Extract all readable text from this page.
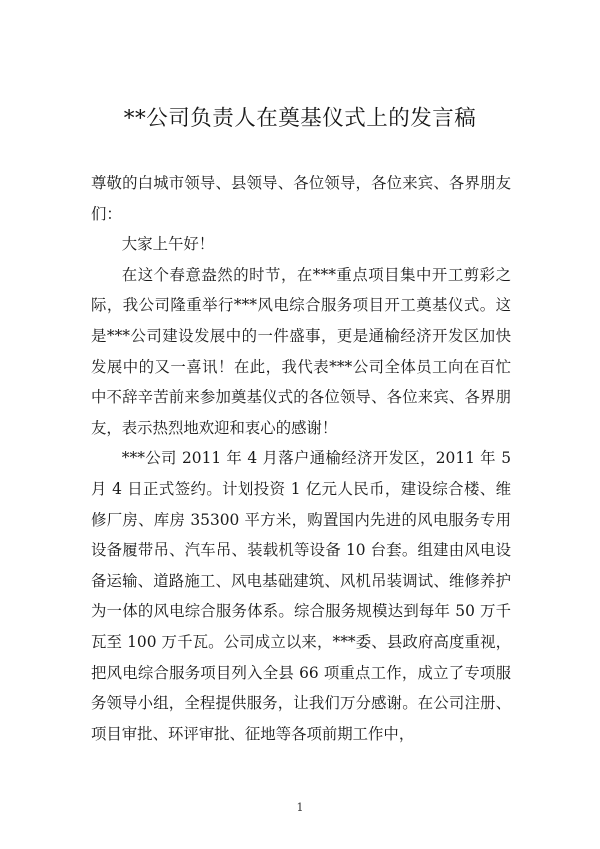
**公司负责人在奠基仪式上的发言稿

尊敬的白城市领导、县领导、各位领导，各位来宾、各界朋友们：

大家上午好！

在这个春意盎然的时节，在***重点项目集中开工剪彩之际，我公司隆重举行***风电综合服务项目开工奠基仪式。这是***公司建设发展中的一件盛事，更是通榆经济开发区加快发展中的又一喜讯！在此，我代表***公司全体员工向在百忙中不辞辛苦前来参加奠基仪式的各位领导、各位来宾、各界朋友，表示热烈地欢迎和衷心的感谢！

***公司 2011 年 4 月落户通榆经济开发区，2011 年 5 月 4 日正式签约。计划投资 1 亿元人民币，建设综合楼、维修厂房、库房 35300 平方米，购置国内先进的风电服务专用设备履带吊、汽车吊、装载机等设备 10 台套。组建由风电设备运输、道路施工、风电基础建筑、风机吊装调试、维修养护为一体的风电综合服务体系。综合服务规模达到每年 50 万千瓦至 100 万千瓦。公司成立以来，***委、县政府高度重视，把风电综合服务项目列入全县 66 项重点工作，成立了专项服务领导小组，全程提供服务，让我们万分感谢。在公司注册、项目审批、环评审批、征地等各项前期工作中，

1
